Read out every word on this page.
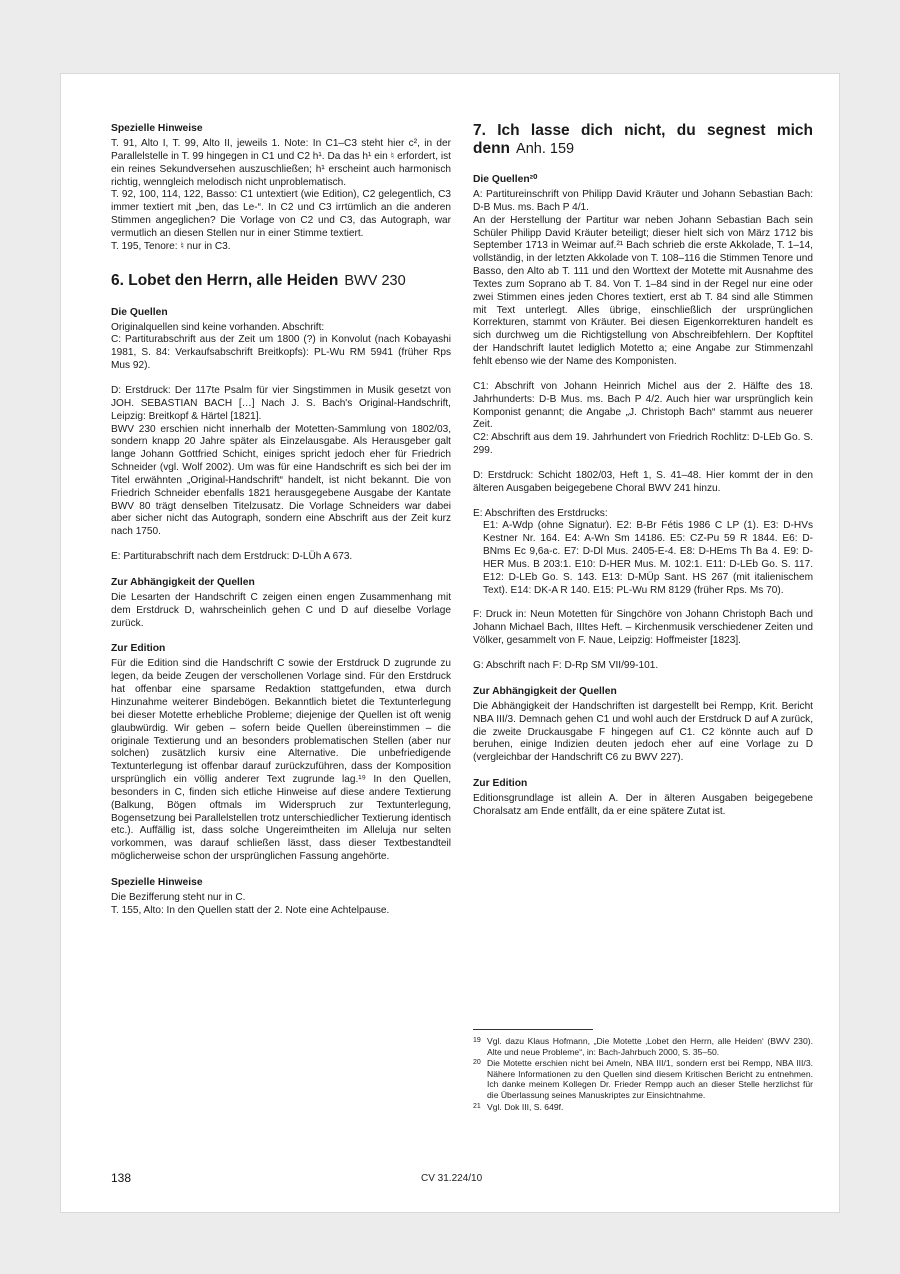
Spezielle Hinweise

T. 91, Alto I, T. 99, Alto II, jeweils 1. Note: In C1–C3 steht hier c², in der Parallelstelle in T. 99 hingegen in C1 und C2 h¹. Da das h¹ ein ♮ erfordert, ist ein reines Sekundversehen auszuschließen; h¹ erscheint auch harmonisch richtig, wenngleich melodisch nicht unproblematisch.

T. 92, 100, 114, 122, Basso: C1 untextiert (wie Edition), C2 gelegentlich, C3 immer textiert mit „ben, das Le-“. In C2 und C3 irrtümlich an die anderen Stimmen angeglichen? Die Vorlage von C2 und C3, das Autograph, war vermutlich an diesen Stellen nur in einer Stimme textiert.

T. 195, Tenore: ♮ nur in C3.

6. Lobet den Herrn, alle Heiden BWV 230
Die Quellen

Originalquellen sind keine vorhanden. Abschrift:

C: Partiturabschrift aus der Zeit um 1800 (?) in Konvolut (nach Kobayashi 1981, S. 84: Verkaufsabschrift Breitkopfs): PL-Wu RM 5941 (früher Rps Mus 92).

D: Erstdruck: Der 117te Psalm für vier Singstimmen in Musik gesetzt von JOH. SEBASTIAN BACH […] Nach J. S. Bach's Original-Handschrift, Leipzig: Breitkopf & Härtel [1821].

BWV 230 erschien nicht innerhalb der Motetten-Sammlung von 1802/03, sondern knapp 20 Jahre später als Einzelausgabe. Als Herausgeber galt lange Johann Gottfried Schicht, einiges spricht jedoch eher für Friedrich Schneider (vgl. Wolf 2002). Um was für eine Handschrift es sich bei der im Titel erwähnten „Original-Handschrift“ handelt, ist nicht bekannt. Die von Friedrich Schneider ebenfalls 1821 herausgegebene Ausgabe der Kantate BWV 80 trägt denselben Titelzusatz. Die Vorlage Schneiders war dabei aber sicher nicht das Autograph, sondern eine Abschrift aus der Zeit kurz nach 1750.

E: Partiturabschrift nach dem Erstdruck: D-LÜh A 673.

Zur Abhängigkeit der Quellen

Die Lesarten der Handschrift C zeigen einen engen Zusammenhang mit dem Erstdruck D, wahrscheinlich gehen C und D auf dieselbe Vorlage zurück.

Zur Edition

Für die Edition sind die Handschrift C sowie der Erstdruck D zugrunde zu legen, da beide Zeugen der verschollenen Vorlage sind. Für den Erstdruck hat offenbar eine sparsame Redaktion stattgefunden, etwa durch Hinzunahme weiterer Bindebögen. Bekanntlich bietet die Textunterlegung bei dieser Motette erhebliche Probleme; diejenige der Quellen ist oft wenig glaubwürdig. Wir geben – sofern beide Quellen übereinstimmen – die originale Textierung und an besonders problematischen Stellen (aber nur solchen) zusätzlich kursiv eine Alternative. Die unbefriedigende Textunterlegung ist offenbar darauf zurückzuführen, dass der Komposition ursprünglich ein völlig anderer Text zugrunde lag.¹⁹ In den Quellen, besonders in C, finden sich etliche Hinweise auf diese andere Textierung (Balkung, Bögen oftmals im Widerspruch zur Textunterlegung, Bogensetzung bei Parallelstellen trotz unterschiedlicher Textierung identisch etc.). Auffällig ist, dass solche Ungereimtheiten im Alleluja nur selten vorkommen, was darauf schließen lässt, dass dieser Textbestandteil möglicherweise schon der ursprünglichen Fassung angehörte.

Spezielle Hinweise

Die Bezifferung steht nur in C.

T. 155, Alto: In den Quellen statt der 2. Note eine Achtelpause.

7. Ich lasse dich nicht, du segnest mich denn Anh. 159
Die Quellen²⁰

A: Partitureinschrift von Philipp David Kräuter und Johann Sebastian Bach: D-B Mus. ms. Bach P 4/1.

An der Herstellung der Partitur war neben Johann Sebastian Bach sein Schüler Philipp David Kräuter beteiligt; dieser hielt sich von März 1712 bis September 1713 in Weimar auf.²¹ Bach schrieb die erste Akkolade, T. 1–14, vollständig, in der letzten Akkolade von T. 108–116 die Stimmen Tenore und Basso, den Alto ab T. 111 und den Worttext der Motette mit Ausnahme des Textes zum Soprano ab T. 84. Von T. 1–84 sind in der Regel nur eine oder zwei Stimmen eines jeden Chores textiert, erst ab T. 84 sind alle Stimmen mit Text unterlegt. Alles übrige, einschließlich der ursprünglichen Korrekturen, stammt von Kräuter. Bei diesen Eigenkorrekturen handelt es sich durchweg um die Richtigstellung von Abschreibfehlern. Der Kopftitel der Handschrift lautet lediglich Motetto a; eine Angabe zur Stimmenzahl fehlt ebenso wie der Name des Komponisten.

C1: Abschrift von Johann Heinrich Michel aus der 2. Hälfte des 18. Jahrhunderts: D-B Mus. ms. Bach P 4/2. Auch hier war ursprünglich kein Komponist genannt; die Angabe „J. Christoph Bach“ stammt aus neuerer Zeit.

C2: Abschrift aus dem 19. Jahrhundert von Friedrich Rochlitz: D-LEb Go. S. 299.

D: Erstdruck: Schicht 1802/03, Heft 1, S. 41–48. Hier kommt der in den älteren Ausgaben beigegebene Choral BWV 241 hinzu.

E: Abschriften des Erstdrucks:

E1: A-Wdp (ohne Signatur). E2: B-Br Fétis 1986 C LP (1). E3: D-HVs Kestner Nr. 164. E4: A-Wn Sm 14186. E5: CZ-Pu 59 R 1844. E6: D-BNms Ec 9,6a-c. E7: D-Dl Mus. 2405-E-4. E8: D-HEms Th Ba 4. E9: D-HER Mus. B 203:1. E10: D-HER Mus. M. 102:1. E11: D-LEb Go. S. 117. E12: D-LEb Go. S. 143. E13: D-MÜp Sant. HS 267 (mit italienischem Text). E14: DK-A R 140. E15: PL-Wu RM 8129 (früher Rps. Ms 70).

F: Druck in: Neun Motetten für Singchöre von Johann Christoph Bach und Johann Michael Bach, IIItes Heft. – Kirchenmusik verschiedener Zeiten und Völker, gesammelt von F. Naue, Leipzig: Hoffmeister [1823].

G: Abschrift nach F: D-Rp SM VII/99-101.

Zur Abhängigkeit der Quellen

Die Abhängigkeit der Handschriften ist dargestellt bei Rempp, Krit. Bericht NBA III/3. Demnach gehen C1 und wohl auch der Erstdruck D auf A zurück, die zweite Druckausgabe F hingegen auf C1. C2 könnte auch auf D beruhen, einige Indizien deuten jedoch eher auf eine Vorlage zu D (vergleichbar der Handschrift C6 zu BWV 227).

Zur Edition

Editionsgrundlage ist allein A. Der in älteren Ausgaben beigegebene Choralsatz am Ende entfällt, da er eine spätere Zutat ist.

19 Vgl. dazu Klaus Hofmann, „Die Motette ‚Lobet den Herrn, alle Heiden‘ (BWV 230). Alte und neue Probleme“, in: Bach-Jahrbuch 2000, S. 35–50.
20 Die Motette erschien nicht bei Ameln, NBA III/1, sondern erst bei Rempp, NBA III/3. Nähere Informationen zu den Quellen sind diesem Kritischen Bericht zu entnehmen. Ich danke meinem Kollegen Dr. Frieder Rempp auch an dieser Stelle herzlichst für die Überlassung seines Manuskriptes zur Einsichtnahme.
21 Vgl. Dok III, S. 649f.
138	CV 31.224/10
